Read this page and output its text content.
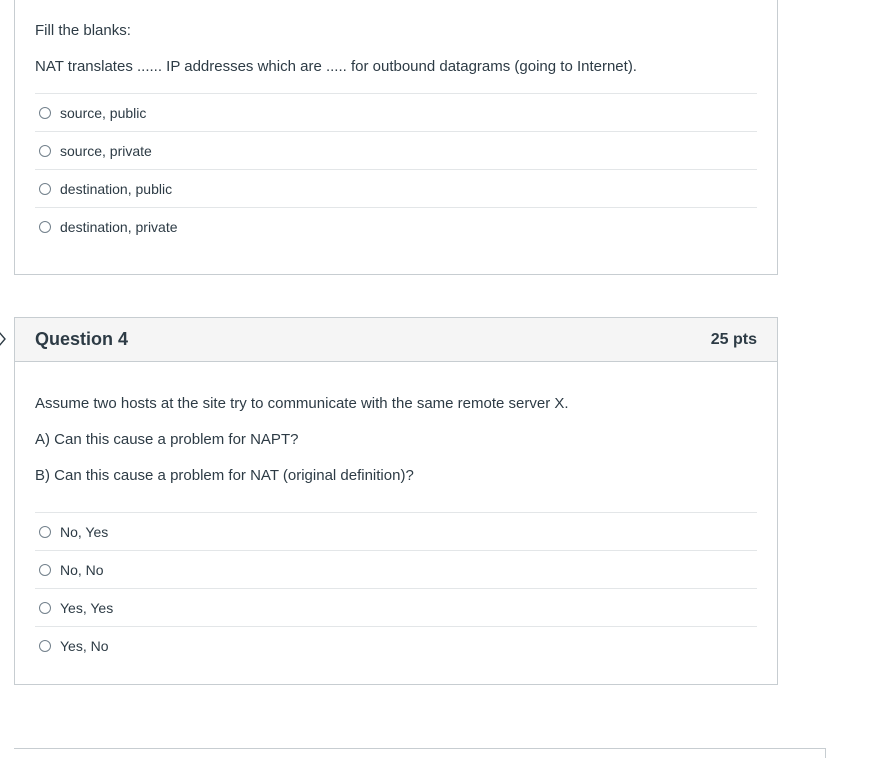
Fill the blanks:

NAT translates ...... IP addresses which are ..... for outbound datagrams (going to Internet).

source, public
source, private
destination, public
destination, private
Question 4	25 pts

Assume two hosts at the site try to communicate with the same remote server X.

A) Can this cause a problem for NAPT?

B) Can this cause a problem for NAT (original definition)?

No, Yes
No, No
Yes, Yes
Yes, No
